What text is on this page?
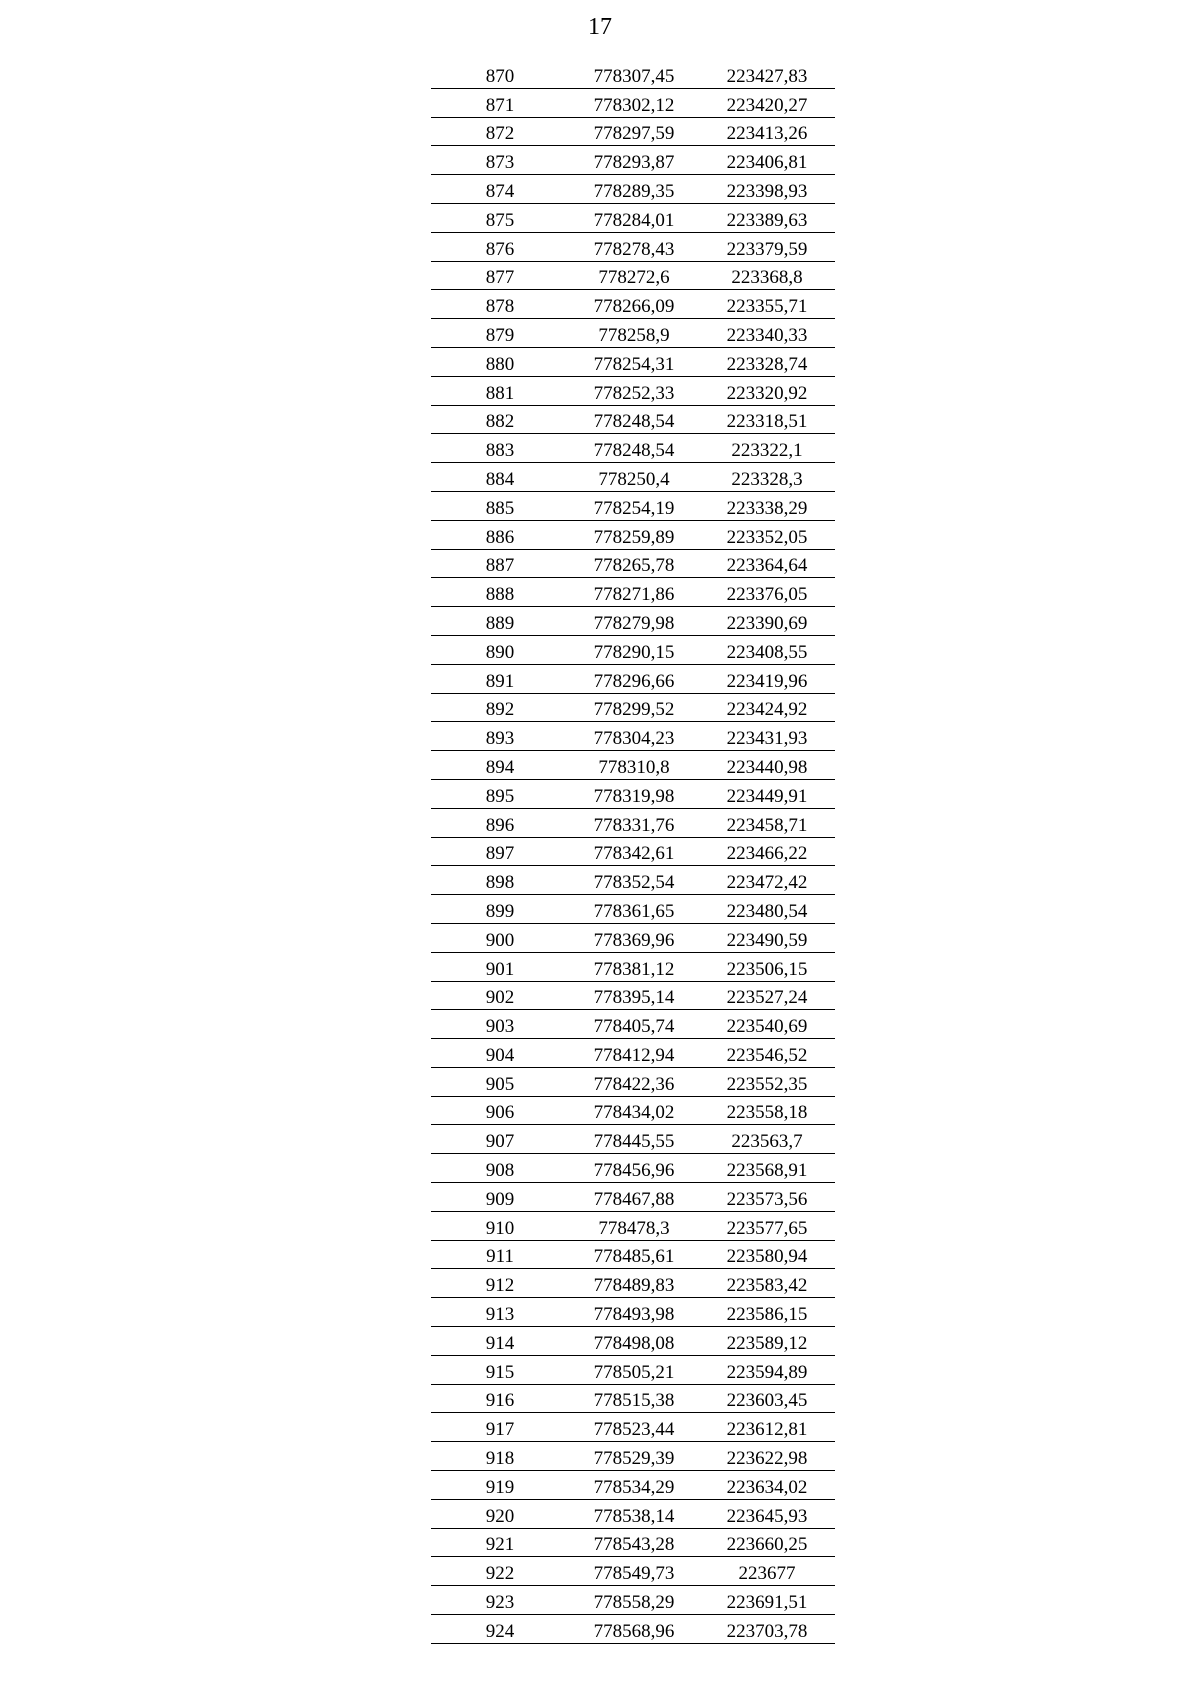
17
870	778307,45	223427,83
871	778302,12	223420,27
872	778297,59	223413,26
873	778293,87	223406,81
874	778289,35	223398,93
875	778284,01	223389,63
876	778278,43	223379,59
877	778272,6	223368,8
878	778266,09	223355,71
879	778258,9	223340,33
880	778254,31	223328,74
881	778252,33	223320,92
882	778248,54	223318,51
883	778248,54	223322,1
884	778250,4	223328,3
885	778254,19	223338,29
886	778259,89	223352,05
887	778265,78	223364,64
888	778271,86	223376,05
889	778279,98	223390,69
890	778290,15	223408,55
891	778296,66	223419,96
892	778299,52	223424,92
893	778304,23	223431,93
894	778310,8	223440,98
895	778319,98	223449,91
896	778331,76	223458,71
897	778342,61	223466,22
898	778352,54	223472,42
899	778361,65	223480,54
900	778369,96	223490,59
901	778381,12	223506,15
902	778395,14	223527,24
903	778405,74	223540,69
904	778412,94	223546,52
905	778422,36	223552,35
906	778434,02	223558,18
907	778445,55	223563,7
908	778456,96	223568,91
909	778467,88	223573,56
910	778478,3	223577,65
911	778485,61	223580,94
912	778489,83	223583,42
913	778493,98	223586,15
914	778498,08	223589,12
915	778505,21	223594,89
916	778515,38	223603,45
917	778523,44	223612,81
918	778529,39	223622,98
919	778534,29	223634,02
920	778538,14	223645,93
921	778543,28	223660,25
922	778549,73	223677
923	778558,29	223691,51
924	778568,96	223703,78
